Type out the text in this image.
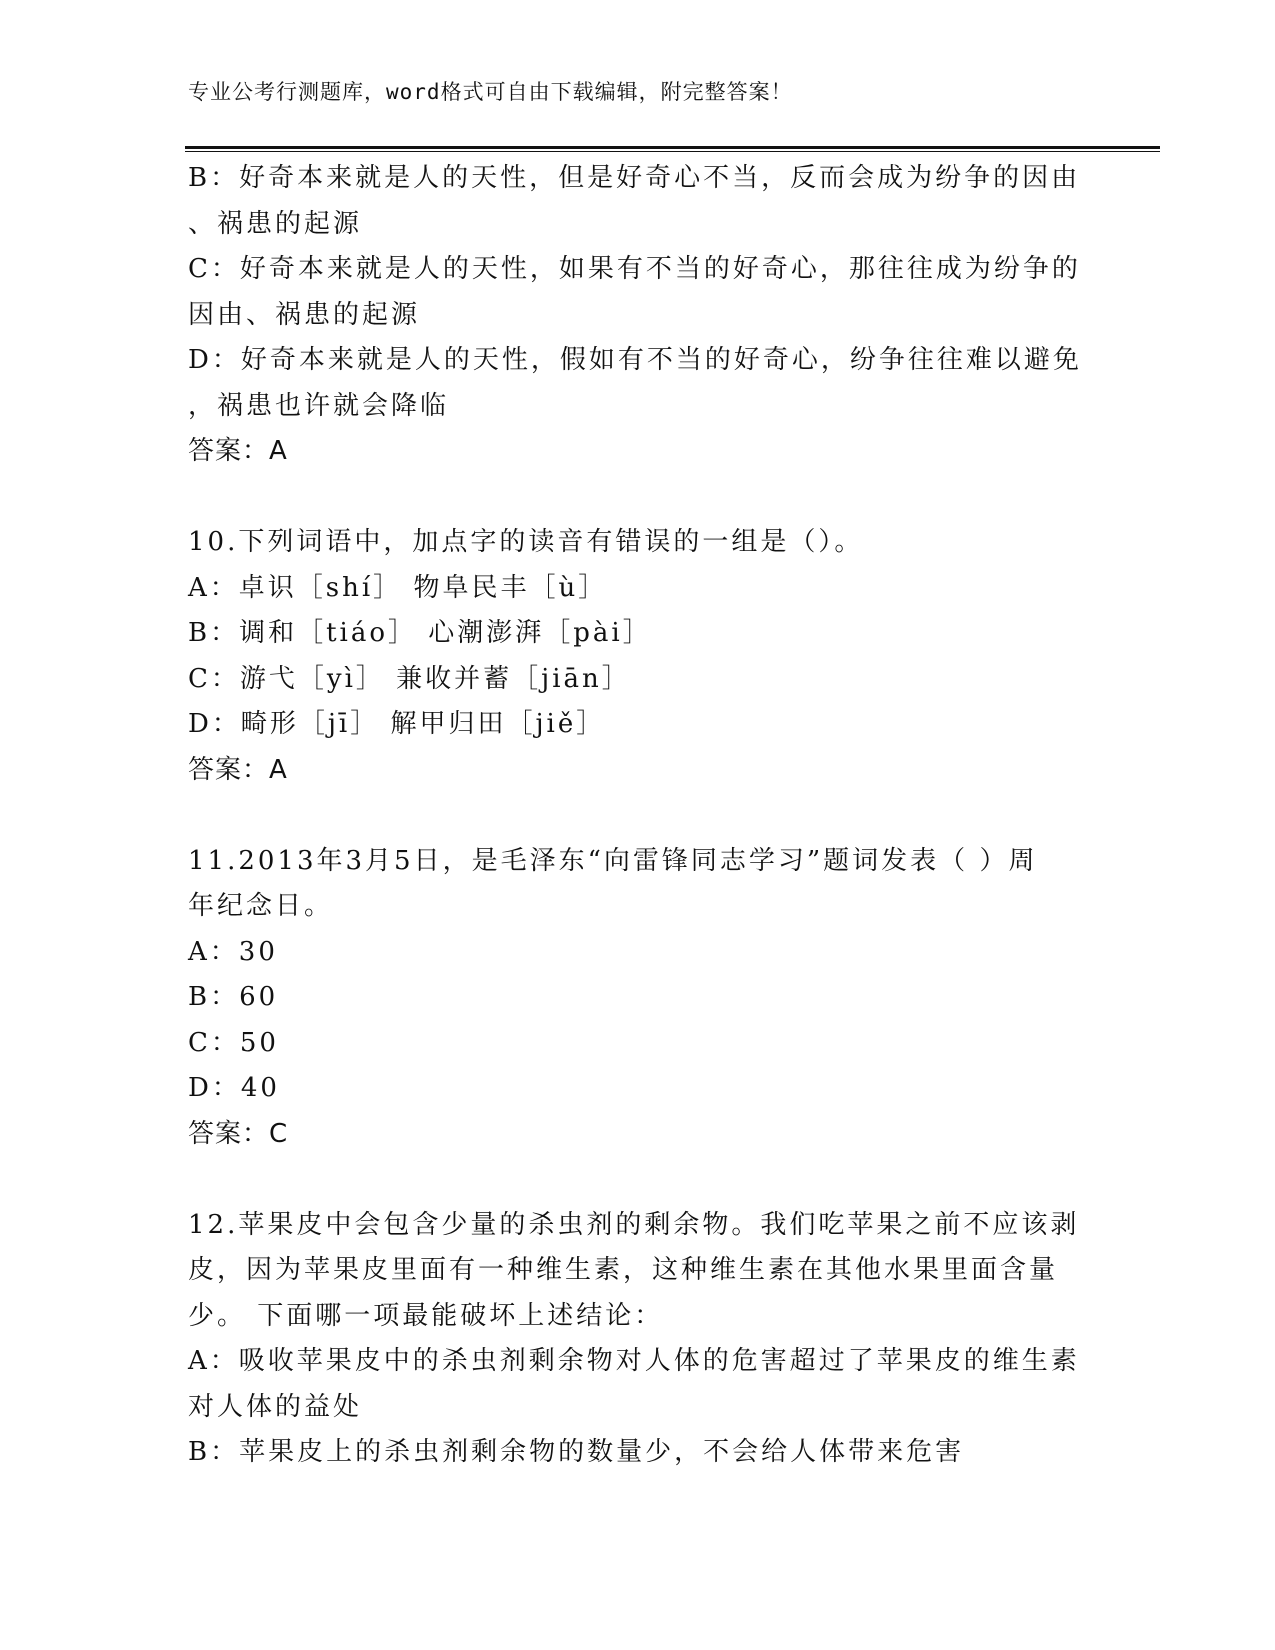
专业公考行测题库，word格式可自由下载编辑，附完整答案！
B：好奇本来就是人的天性，但是好奇心不当，反而会成为纷争的因由
、祸患的起源
C：好奇本来就是人的天性，如果有不当的好奇心，那往往成为纷争的
因由、祸患的起源
D：好奇本来就是人的天性，假如有不当的好奇心，纷争往往难以避免
，祸患也许就会降临
答案：A
10.下列词语中，加点字的读音有错误的一组是（）。
A：卓识［shí］ 物阜民丰［ù］
B：调和［tiáo］ 心潮澎湃［pài］
C：游弋［yì］ 兼收并蓄［jiān］
D：畸形［jī］ 解甲归田［jiě］
答案：A
11.2013年3月5日，是毛泽东“向雷锋同志学习”题词发表（ ）周
年纪念日。
A：30
B：60
C：50
D：40
答案：C
12.苹果皮中会包含少量的杀虫剂的剩余物。我们吃苹果之前不应该剥
皮，因为苹果皮里面有一种维生素，这种维生素在其他水果里面含量
少。 下面哪一项最能破坏上述结论：
A：吸收苹果皮中的杀虫剂剩余物对人体的危害超过了苹果皮的维生素
对人体的益处
B：苹果皮上的杀虫剂剩余物的数量少，不会给人体带来危害
